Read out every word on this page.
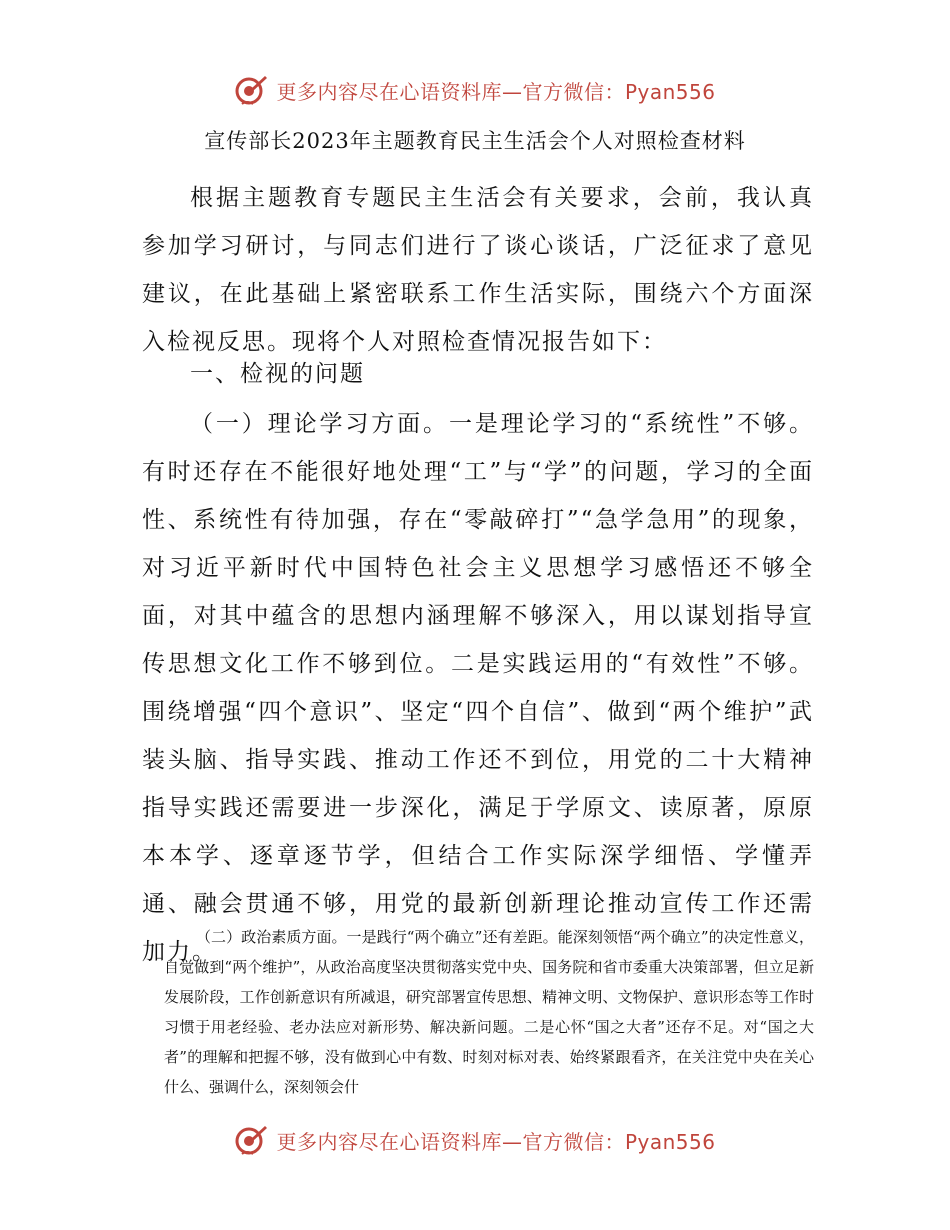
更多内容尽在心语资料库—官方微信：Pyan556
宣传部长2023年主题教育民主生活会个人对照检查材料

根据主题教育专题民主生活会有关要求，会前，我认真参加学习研讨，与同志们进行了谈心谈话，广泛征求了意见建议，在此基础上紧密联系工作生活实际，围绕六个方面深入检视反思。现将个人对照检查情况报告如下：

一、检视的问题

（一）理论学习方面。一是理论学习的“系统性”不够。有时还存在不能很好地处理“工”与“学”的问题，学习的全面性、系统性有待加强，存在“零敲碎打”“急学急用”的现象，对习近平新时代中国特色社会主义思想学习感悟还不够全面，对其中蕴含的思想内涵理解不够深入，用以谋划指导宣传思想文化工作不够到位。二是实践运用的“有效性”不够。围绕增强“四个意识”、坚定“四个自信”、做到“两个维护”武装头脑、指导实践、推动工作还不到位，用党的二十大精神指导实践还需要进一步深化，满足于学原文、读原著，原原本本学、逐章逐节学，但结合工作实际深学细悟、学懂弄通、融会贯通不够，用党的最新创新理论推动宣传工作还需加力。

（二）政治素质方面。一是践行“两个确立”还有差距。能深刻领悟“两个确立”的决定性意义，自觉做到“两个维护”，从政治高度坚决贯彻落实党中央、国务院和省市委重大决策部署，但立足新发展阶段，工作创新意识有所减退，研究部署宣传思想、精神文明、文物保护、意识形态等工作时习惯于用老经验、老办法应对新形势、解决新问题。二是心怀“国之大者”还存不足。对“国之大者”的理解和把握不够，没有做到心中有数、时刻对标对表、始终紧跟看齐，在关注党中央在关心什么、强调什么，深刻领会什

更多内容尽在心语资料库—官方微信：Pyan556
